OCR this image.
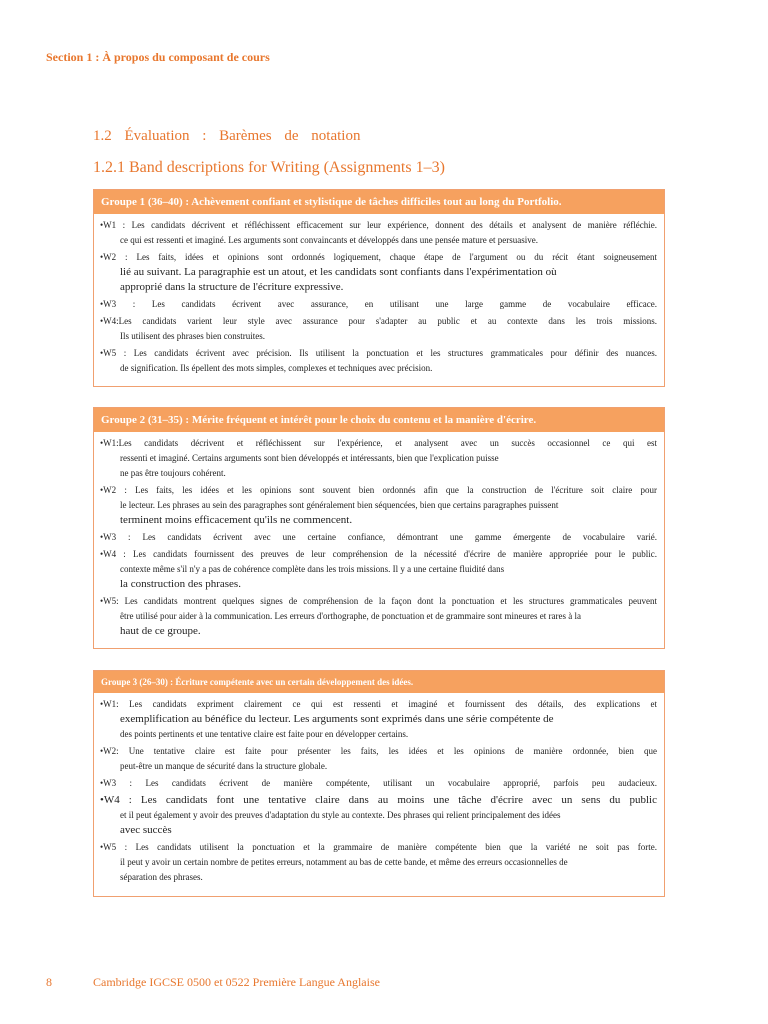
Section 1 : À propos du composant de cours
1.2 Évaluation : Barèmes de notation
1.2.1 Band descriptions for Writing (Assignments 1–3)
Groupe 1 (36–40) : Achèvement confiant et stylistique de tâches difficiles tout au long du Portfolio.
•W1 : Les candidats décrivent et réfléchissent efficacement sur leur expérience, donnent des détails et analysent de manière réfléchie.
ce qui est ressenti et imaginé. Les arguments sont convaincants et développés dans une pensée mature et persuasive.
•W2 : Les faits, idées et opinions sont ordonnés logiquement, chaque étape de l'argument ou du récit étant soigneusement
lié au suivant. La paragraphie est un atout, et les candidats sont confiants dans l'expérimentation où
approprié dans la structure de l'écriture expressive.
•W3 : Les candidats écrivent avec assurance, en utilisant une large gamme de vocabulaire efficace.
•W4:Les candidats varient leur style avec assurance pour s'adapter au public et au contexte dans les trois missions.
Ils utilisent des phrases bien construites.
•W5 : Les candidats écrivent avec précision. Ils utilisent la ponctuation et les structures grammaticales pour définir des nuances.
de signification. Ils épellent des mots simples, complexes et techniques avec précision.
Groupe 2 (31–35) : Mérite fréquent et intérêt pour le choix du contenu et la manière d'écrire.
•W1:Les candidats décrivent et réfléchissent sur l'expérience, et analysent avec un succès occasionnel ce qui est
ressenti et imaginé. Certains arguments sont bien développés et intéressants, bien que l'explication puisse
ne pas être toujours cohérent.
•W2 : Les faits, les idées et les opinions sont souvent bien ordonnés afin que la construction de l'écriture soit claire pour
le lecteur. Les phrases au sein des paragraphes sont généralement bien séquencées, bien que certains paragraphes puissent
terminent moins efficacement qu'ils ne commencent.
•W3 : Les candidats écrivent avec une certaine confiance, démontrant une gamme émergente de vocabulaire varié.
•W4 : Les candidats fournissent des preuves de leur compréhension de la nécessité d'écrire de manière appropriée pour le public.
contexte même s'il n'y a pas de cohérence complète dans les trois missions. Il y a une certaine fluidité dans
la construction des phrases.
•W5: Les candidats montrent quelques signes de compréhension de la façon dont la ponctuation et les structures grammaticales peuvent
être utilisé pour aider à la communication. Les erreurs d'orthographe, de ponctuation et de grammaire sont mineures et rares à la
haut de ce groupe.
Groupe 3 (26–30) : Écriture compétente avec un certain développement des idées.
•W1: Les candidats expriment clairement ce qui est ressenti et imaginé et fournissent des détails, des explications et
exemplification au bénéfice du lecteur. Les arguments sont exprimés dans une série compétente de
des points pertinents et une tentative claire est faite pour en développer certains.
•W2: Une tentative claire est faite pour présenter les faits, les idées et les opinions de manière ordonnée, bien que
peut-être un manque de sécurité dans la structure globale.
•W3 : Les candidats écrivent de manière compétente, utilisant un vocabulaire approprié, parfois peu audacieux.
•W4 : Les candidats font une tentative claire dans au moins une tâche d'écrire avec un sens du public
et il peut également y avoir des preuves d'adaptation du style au contexte. Des phrases qui relient principalement des idées
avec succès
•W5 : Les candidats utilisent la ponctuation et la grammaire de manière compétente bien que la variété ne soit pas forte.
il peut y avoir un certain nombre de petites erreurs, notamment au bas de cette bande, et même des erreurs occasionnelles de
séparation des phrases.
8	Cambridge IGCSE 0500 et 0522 Première Langue Anglaise
